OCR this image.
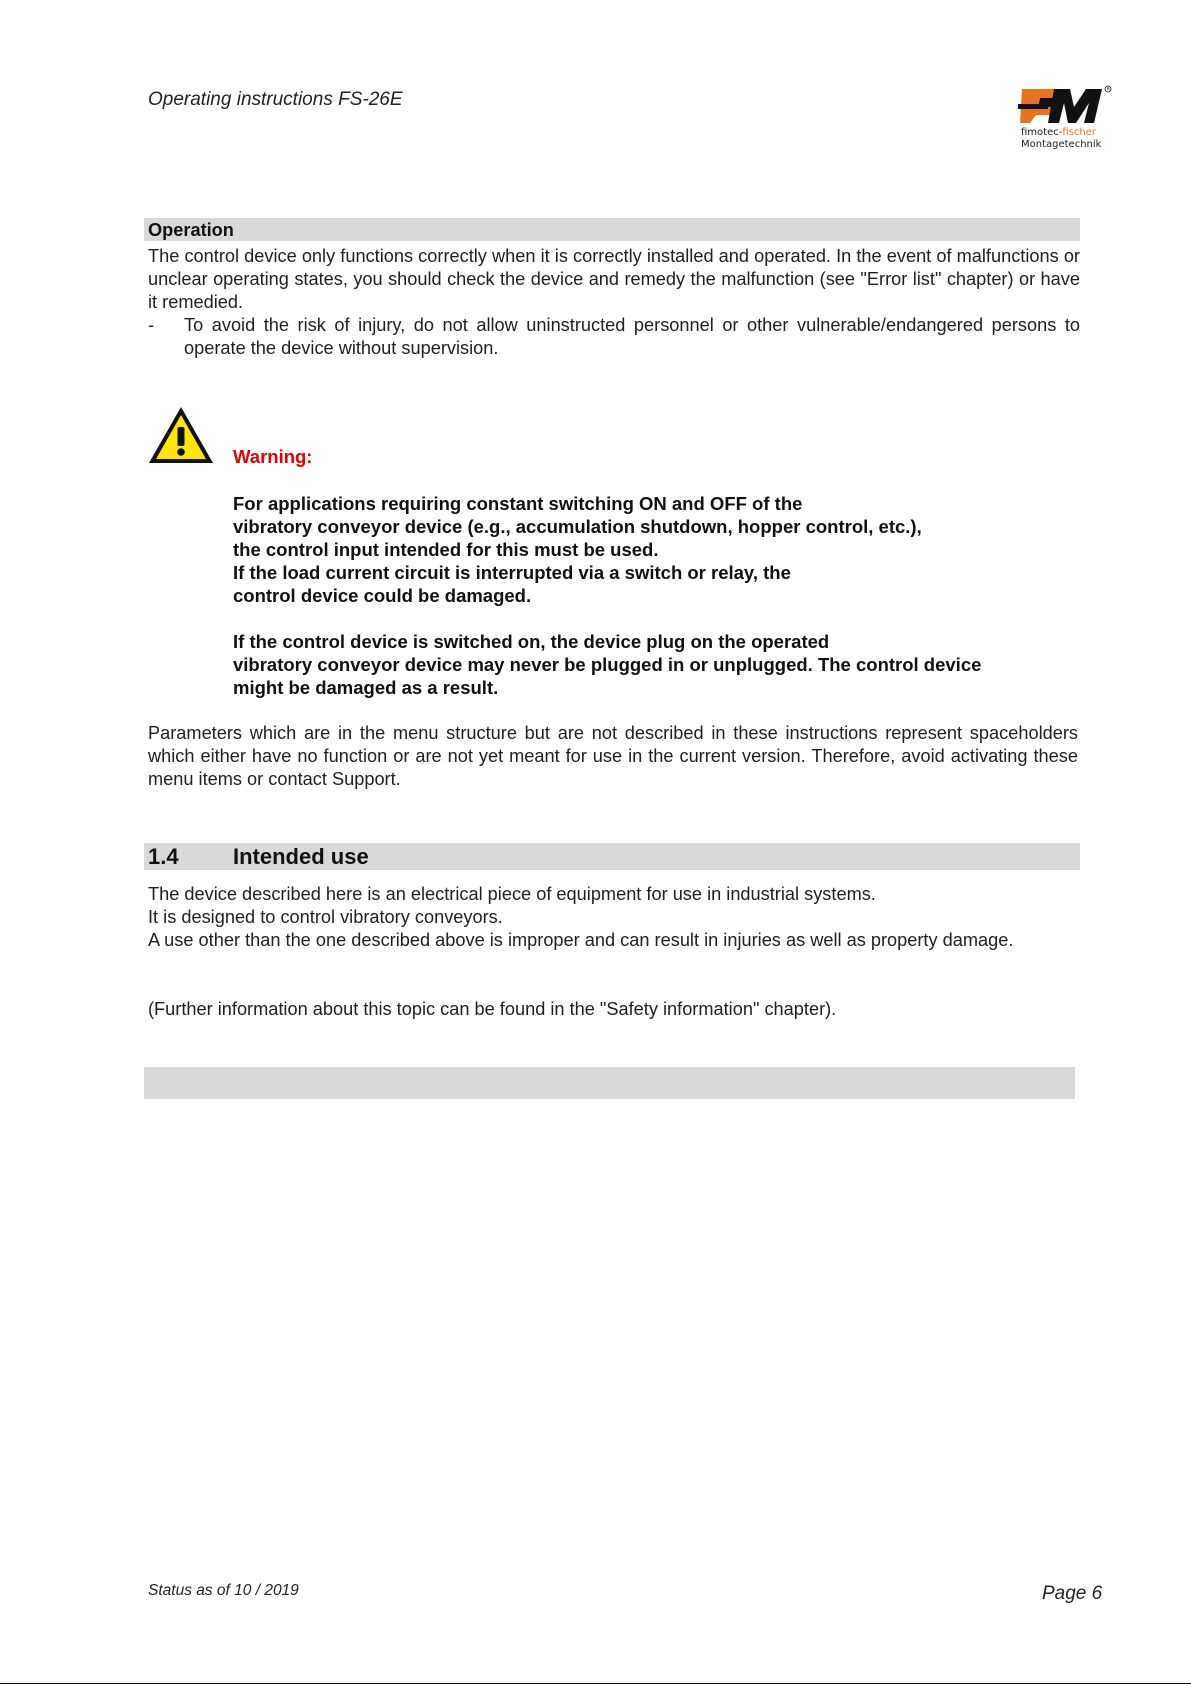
Operating instructions FS-26E	R
fimotec-fischer
Montagetechnik
Operation
The control device only functions correctly when it is correctly installed and operated. In the event of malfunctions or unclear operating states, you should check the device and remedy the malfunction (see "Error list" chapter) or have it remedied.
- To avoid the risk of injury, do not allow uninstructed personnel or other vulnerable/endangered persons to operate the device without supervision.
Warning:
For applications requiring constant switching ON and OFF of the
vibratory conveyor device (e.g., accumulation shutdown, hopper control, etc.),
the control input intended for this must be used.
If the load current circuit is interrupted via a switch or relay, the
control device could be damaged.
If the control device is switched on, the device plug on the operated
vibratory conveyor device may never be plugged in or unplugged. The control device
might be damaged as a result.
Parameters which are in the menu structure but are not described in these instructions represent spaceholders which either have no function or are not yet meant for use in the current version. Therefore, avoid activating these menu items or contact Support.
1.4 Intended use
The device described here is an electrical piece of equipment for use in industrial systems.
It is designed to control vibratory conveyors.
A use other than the one described above is improper and can result in injuries as well as property damage.
(Further information about this topic can be found in the "Safety information" chapter).
Status as of 10 / 2019	Page 6
